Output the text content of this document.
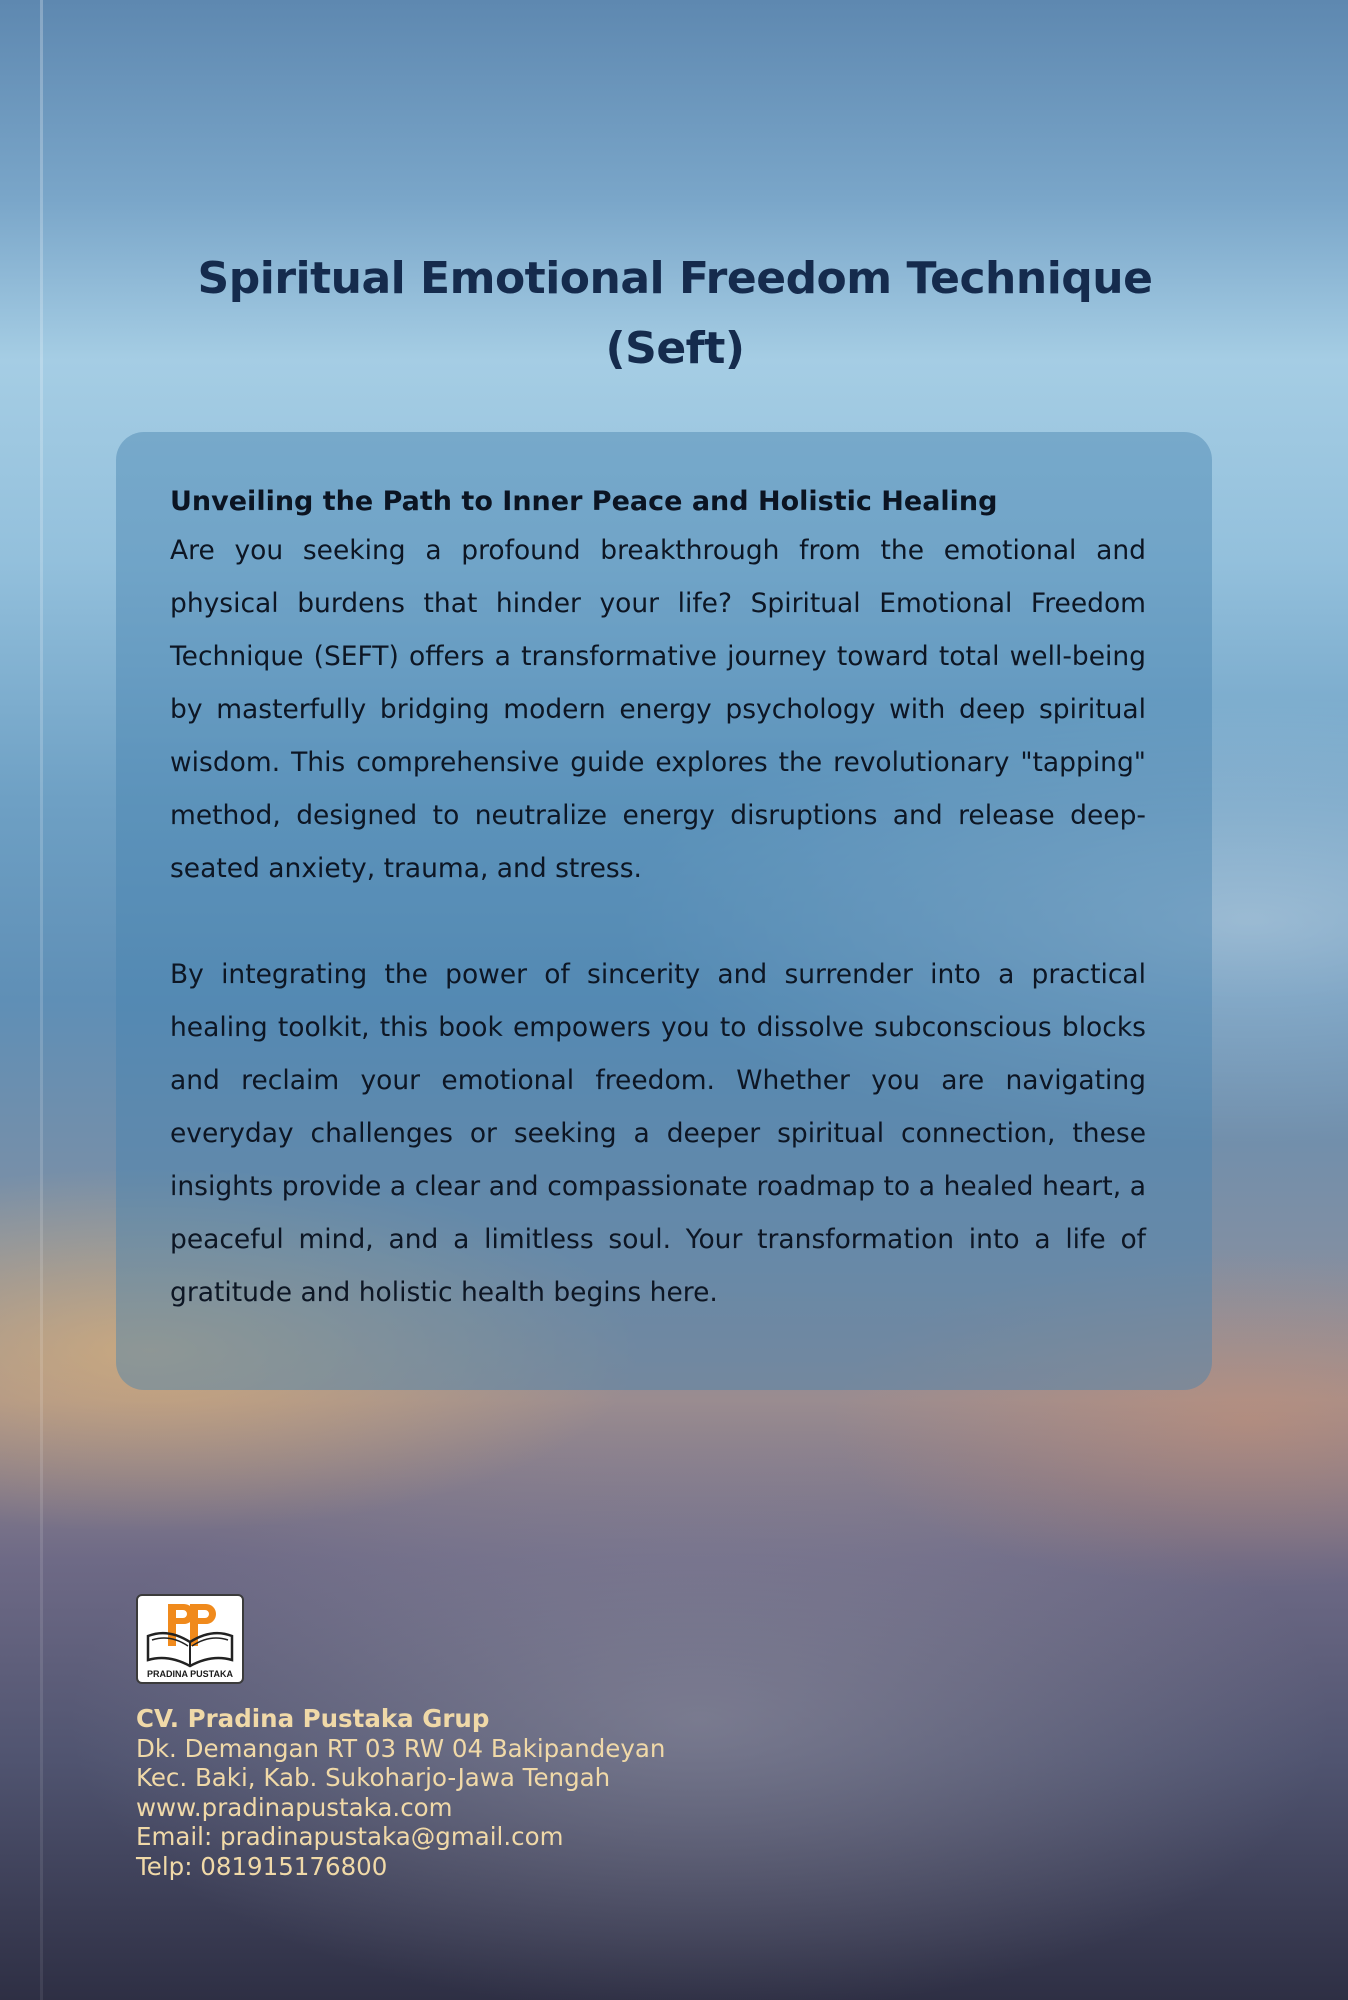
Spiritual Emotional Freedom Technique
(Seft)
Unveiling the Path to Inner Peace and Holistic Healing

Are you seeking a profound breakthrough from the emotional and physical burdens that hinder your life? Spiritual Emotional Freedom Technique (SEFT) offers a transformative journey toward total well-being by masterfully bridging modern energy psychology with deep spiritual wisdom. This comprehensive guide explores the revolutionary "tapping" method, designed to neutralize energy disruptions and release deep-seated anxiety, trauma, and stress.

By integrating the power of sincerity and surrender into a practical healing toolkit, this book empowers you to dissolve subconscious blocks and reclaim your emotional freedom. Whether you are navigating everyday challenges or seeking a deeper spiritual connection, these insights provide a clear and compassionate roadmap to a healed heart, a peaceful mind, and a limitless soul. Your transformation into a life of gratitude and holistic health begins here.

PRADINA PUSTAKA
CV. Pradina Pustaka Grup
Dk. Demangan RT 03 RW 04 Bakipandeyan
Kec. Baki, Kab. Sukoharjo-Jawa Tengah
www.pradinapustaka.com
Email: pradinapustaka@gmail.com
Telp: 081915176800
